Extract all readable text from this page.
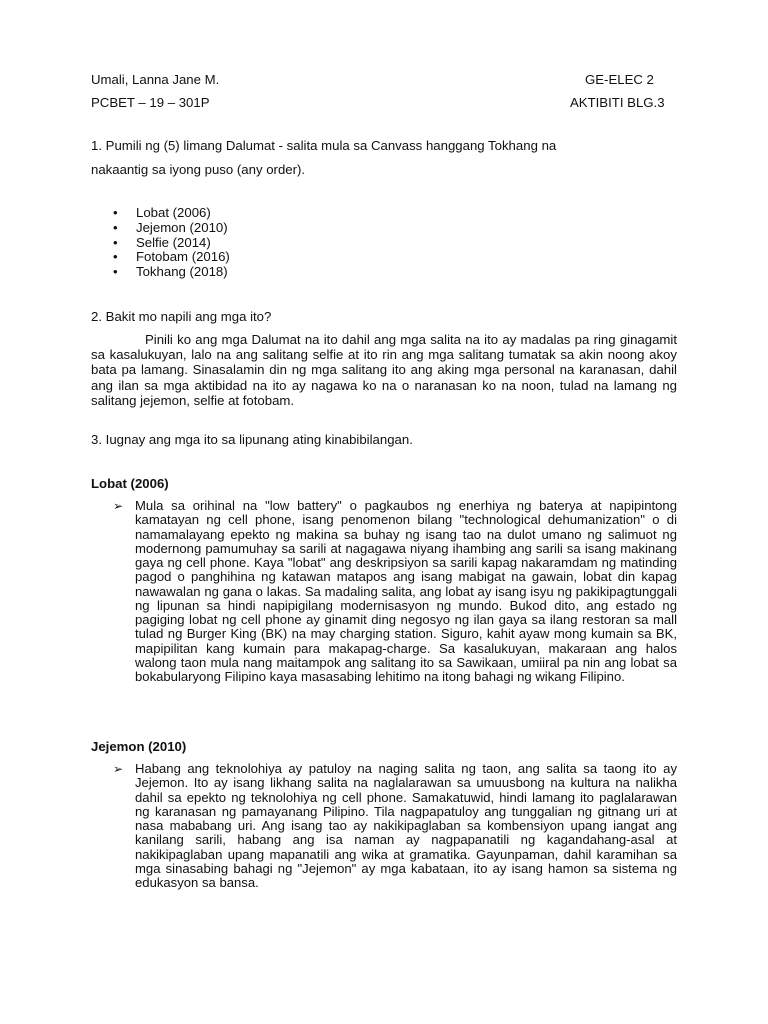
Umali, Lanna Jane M.	GE-ELEC 2
PCBET – 19 – 301P	AKTIBITI BLG.3
1. Pumili ng (5) limang Dalumat - salita mula sa Canvass hanggang Tokhang na
nakaantig sa iyong puso (any order).
•	Lobat (2006)
•	Jejemon (2010)
•	Selfie (2014)
•	Fotobam (2016)
•	Tokhang (2018)
2. Bakit mo napili ang mga ito?

Pinili ko ang mga Dalumat na ito dahil ang mga salita na ito ay madalas pa ring ginagamit sa kasalukuyan, lalo na ang salitang selfie at ito rin ang mga salitang tumatak sa akin noong akoy bata pa lamang. Sinasalamin din ng mga salitang ito ang aking mga personal na karanasan, dahil ang ilan sa mga aktibidad na ito ay nagawa ko na o naranasan ko na noon, tulad na lamang ng salitang jejemon, selfie at fotobam.

3. Iugnay ang mga ito sa lipunang ating kinabibilangan.
Lobat (2006)
➢ Mula sa orihinal na "low battery" o pagkaubos ng enerhiya ng baterya at napipintong kamatayan ng cell phone, isang penomenon bilang "technological dehumanization" o di namamalayang epekto ng makina sa buhay ng isang tao na dulot umano ng salimuot ng modernong pamumuhay sa sarili at nagagawa niyang ihambing ang sarili sa isang makinang gaya ng cell phone. Kaya "lobat" ang deskripsiyon sa sarili kapag nakaramdam ng matinding pagod o panghihina ng katawan matapos ang isang mabigat na gawain, lobat din kapag nawawalan ng gana o lakas. Sa madaling salita, ang lobat ay isang isyu ng pakikipagtunggali ng lipunan sa hindi napipigilang modernisasyon ng mundo. Bukod dito, ang estado ng pagiging lobat ng cell phone ay ginamit ding negosyo ng ilan gaya sa ilang restoran sa mall tulad ng Burger King (BK) na may charging station. Siguro, kahit ayaw mong kumain sa BK, mapipilitan kang kumain para makapag-charge. Sa kasalukuyan, makaraan ang halos walong taon mula nang maitampok ang salitang ito sa Sawikaan, umiiral pa nin ang lobat sa bokabularyong Filipino kaya masasabing lehitimo na itong bahagi ng wikang Filipino.

Jejemon (2010)
➢ Habang ang teknolohiya ay patuloy na naging salita ng taon, ang salita sa taong ito ay Jejemon. Ito ay isang likhang salita na naglalarawan sa umuusbong na kultura na nalikha dahil sa epekto ng teknolohiya ng cell phone. Samakatuwid, hindi lamang ito paglalarawan ng karanasan ng pamayanang Pilipino. Tila nagpapatuloy ang tunggalian ng gitnang uri at nasa mababang uri. Ang isang tao ay nakikipaglaban sa kombensiyon upang iangat ang kanilang sarili, habang ang isa naman ay nagpapanatili ng kagandahang-asal at nakikipaglaban upang mapanatili ang wika at gramatika. Gayunpaman, dahil karamihan sa mga sinasabing bahagi ng "Jejemon" ay mga kabataan, ito ay isang hamon sa sistema ng edukasyon sa bansa.
